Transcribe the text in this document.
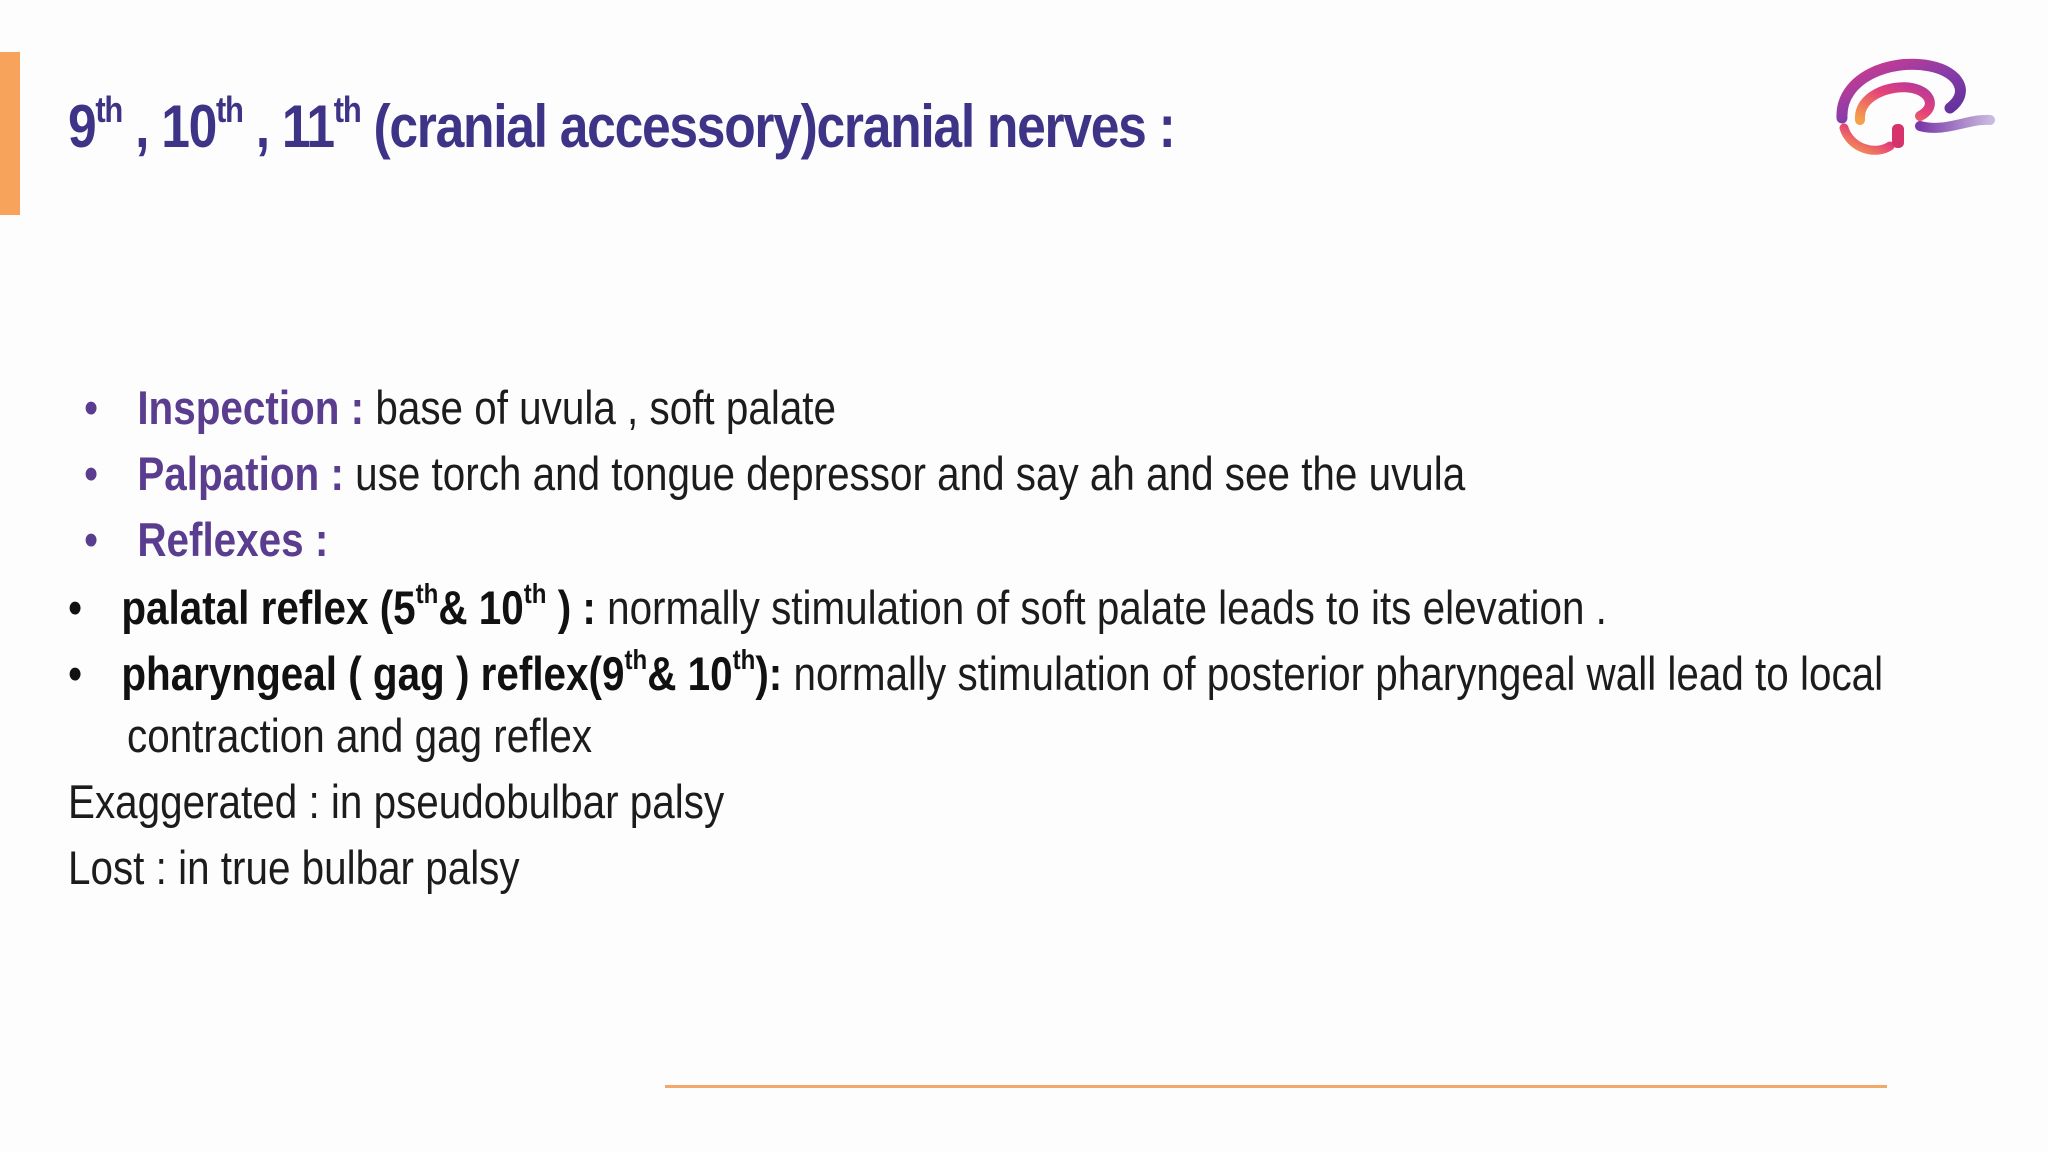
9th , 10th , 11th (cranial accessory)cranial nerves :
• Inspection : base of uvula , soft palate
• Palpation : use torch and tongue depressor and say ah and see the uvula
• Reflexes :
• palatal reflex (5th& 10th ) : normally stimulation of soft palate leads to its elevation .
• pharyngeal ( gag ) reflex(9th& 10th): normally stimulation of posterior pharyngeal wall lead to local
contraction and gag reflex
Exaggerated : in pseudobulbar palsy
Lost : in true bulbar palsy
